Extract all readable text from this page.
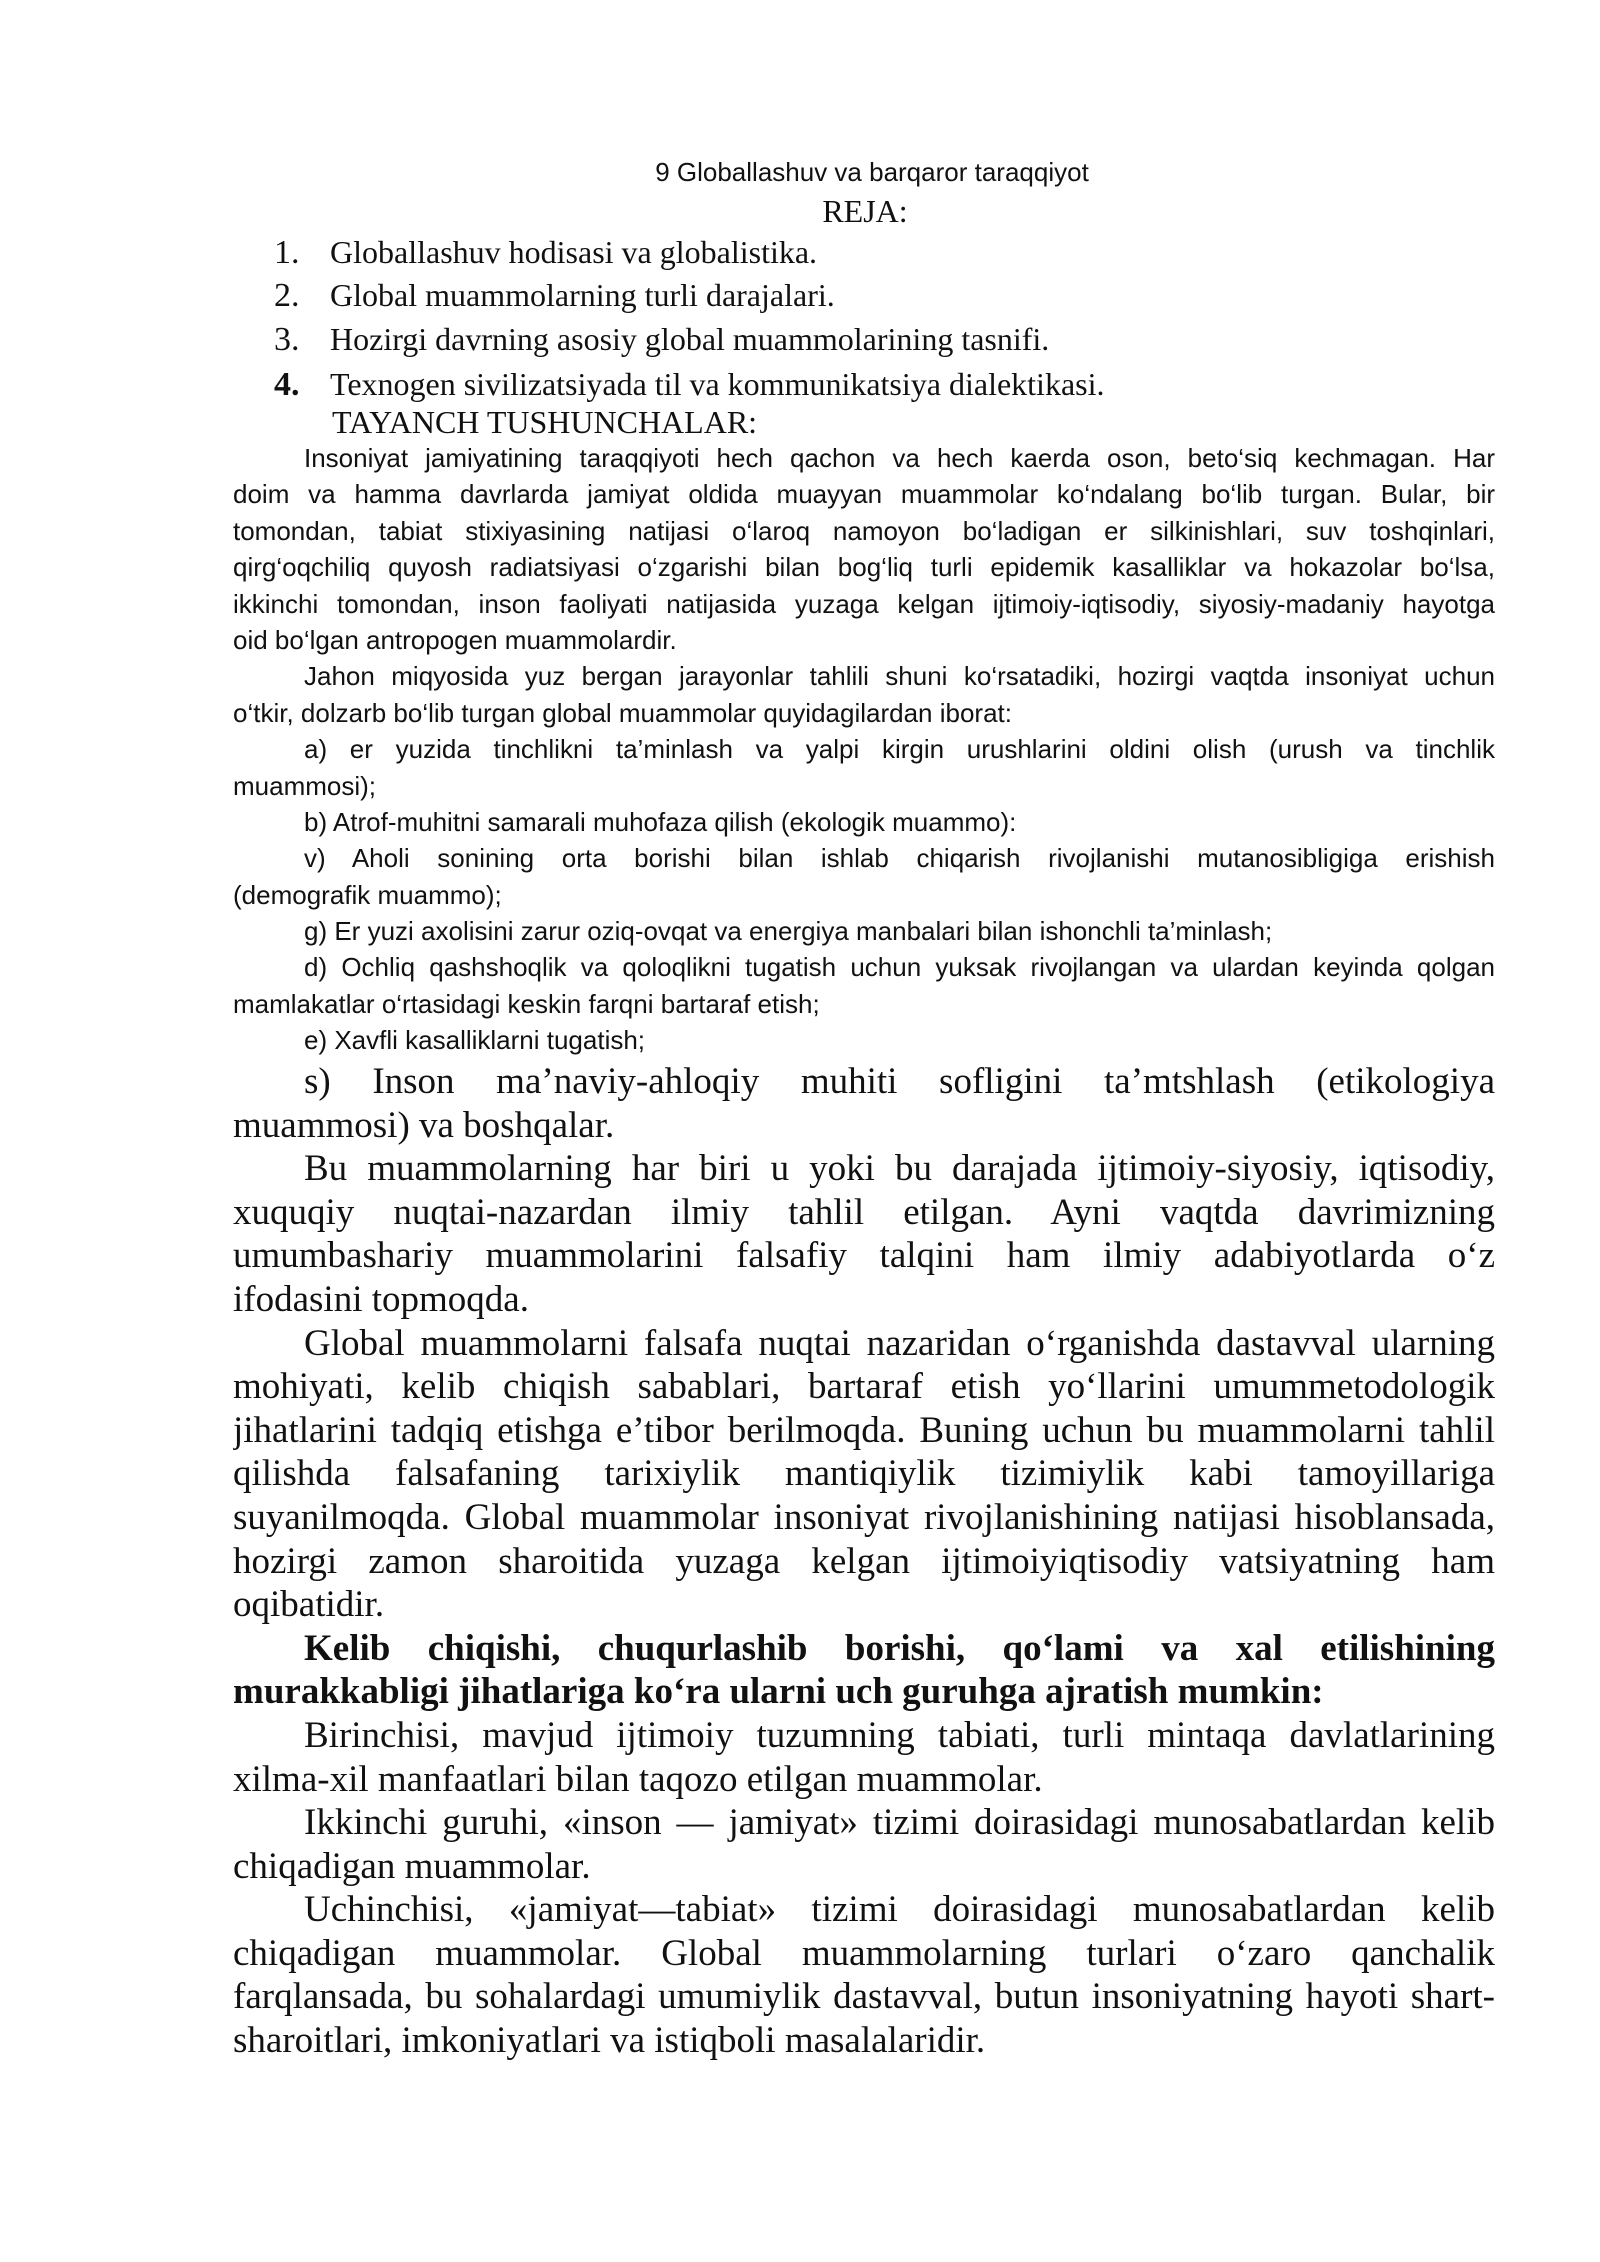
9 Globallashuv va barqaror taraqqiyot
REJA:
1. Globallashuv hodisasi va globalistika.
2. Global muammolarning turli darajalari.
3. Hozirgi davrning asosiy global muammolarining tasnifi.
4. Texnogen sivilizatsiyada til va kommunikatsiya dialektikasi.
TAYANCH TUSHUNCHALAR:
Insoniyat jamiyatining taraqqiyoti hech qachon va hech kaerda oson, beto‘siq kechmagan. Har
doim va hamma davrlarda jamiyat oldida muayyan muammolar ko‘ndalang bo‘lib turgan. Bular, bir
tomondan, tabiat stixiyasining natijasi o‘laroq namoyon bo‘ladigan er silkinishlari, suv toshqinlari,
qirg‘oqchiliq quyosh radiatsiyasi o‘zgarishi bilan bog‘liq turli epidemik kasalliklar va hokazolar bo‘lsa,
ikkinchi tomondan, inson faoliyati natijasida yuzaga kelgan ijtimoiy-iqtisodiy, siyosiy-madaniy hayotga
oid bo‘lgan antropogen muammolardir.
Jahon miqyosida yuz bergan jarayonlar tahlili shuni ko‘rsatadiki, hozirgi vaqtda insoniyat uchun
o‘tkir, dolzarb bo‘lib turgan global muammolar quyidagilardan iborat:
a) er yuzida tinchlikni ta’minlash va yalpi kirgin urushlarini oldini olish (urush va tinchlik
muammosi);
b) Atrof-muhitni samarali muhofaza qilish (ekologik muammo):
v) Aholi sonining orta borishi bilan ishlab chiqarish rivojlanishi mutanosibligiga erishish
(demografik muammo);
g) Er yuzi axolisini zarur oziq-ovqat va energiya manbalari bilan ishonchli ta’minlash;
d) Ochliq qashshoqlik va qoloqlikni tugatish uchun yuksak rivojlangan va ulardan keyinda qolgan
mamlakatlar o‘rtasidagi keskin farqni bartaraf etish;
e) Xavfli kasalliklarni tugatish;
s) Inson ma’naviy-ahloqiy muhiti sofligini ta’mtshlash (etikologiya
muammosi) va boshqalar.
Bu muammolarning har biri u yoki bu darajada ijtimoiy-siyosiy, iqtisodiy,
xuquqiy nuqtai-nazardan ilmiy tahlil etilgan. Ayni vaqtda davrimizning
umumbashariy muammolarini falsafiy talqini ham ilmiy adabiyotlarda o‘z
ifodasini topmoqda.
Global muammolarni falsafa nuqtai nazaridan o‘rganishda dastavval ularning
mohiyati, kelib chiqish sabablari, bartaraf etish yo‘llarini umummetodologik
jihatlarini tadqiq etishga e’tibor berilmoqda. Buning uchun bu muammolarni tahlil
qilishda falsafaning tarixiylik mantiqiylik tizimiylik kabi tamoyillariga
suyanilmoqda. Global muammolar insoniyat rivojlanishining natijasi hisoblansada,
hozirgi zamon sharoitida yuzaga kelgan ijtimoiyiqtisodiy vatsiyatning ham
oqibatidir.
Kelib chiqishi, chuqurlashib borishi, qo‘lami va xal etilishining
murakkabligi jihatlariga ko‘ra ularni uch guruhga ajratish mumkin:
Birinchisi, mavjud ijtimoiy tuzumning tabiati, turli mintaqa davlatlarining
xilma-xil manfaatlari bilan taqozo etilgan muammolar.
Ikkinchi guruhi, «inson — jamiyat» tizimi doirasidagi munosabatlardan kelib
chiqadigan muammolar.
Uchinchisi, «jamiyat—tabiat» tizimi doirasidagi munosabatlardan kelib
chiqadigan muammolar. Global muammolarning turlari o‘zaro qanchalik
farqlansada, bu sohalardagi umumiylik dastavval, butun insoniyatning hayoti shart-
sharoitlari, imkoniyatlari va istiqboli masalalaridir.
